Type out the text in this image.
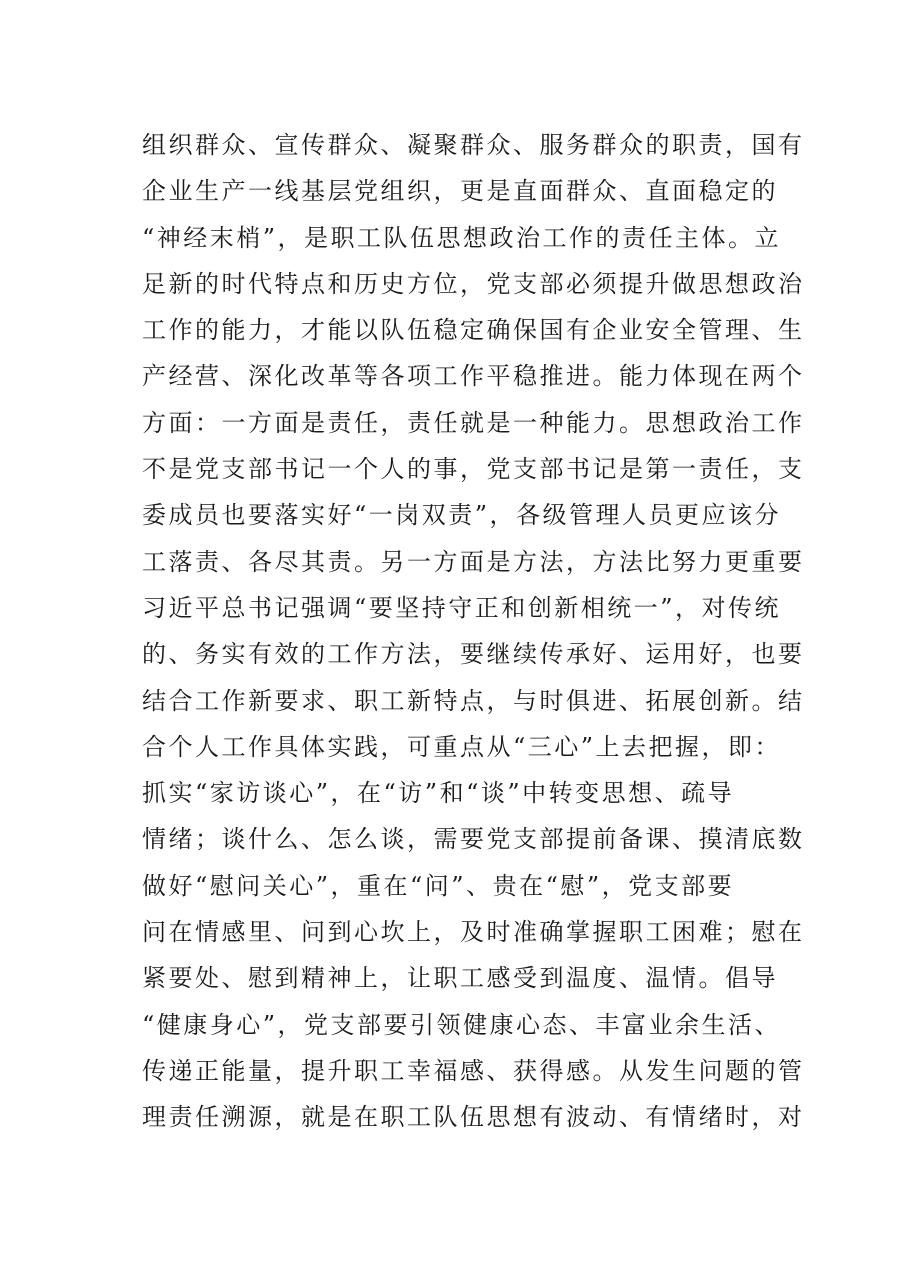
组织群众、宣传群众、凝聚群众、服务群众的职责，国有
企业生产一线基层党组织，更是直面群众、直面稳定的
“神经末梢”，是职工队伍思想政治工作的责任主体。立
足新的时代特点和历史方位，党支部必须提升做思想政治
工作的能力，才能以队伍稳定确保国有企业安全管理、生
产经营、深化改革等各项工作平稳推进。能力体现在两个
方面：一方面是责任，责任就是一种能力。思想政治工作
不是党支部书记一个人的事，党支部书记是第一责任，支
委成员也要落实好“一岗双责”，各级管理人员更应该分
工落责、各尽其责。另一方面是方法，方法比努力更重要
习近平总书记强调“要坚持守正和创新相统一”，对传统
的、务实有效的工作方法，要继续传承好、运用好，也要
结合工作新要求、职工新特点，与时俱进、拓展创新。结
合个人工作具体实践，可重点从“三心”上去把握，即：
抓实“家访谈心”，在“访”和“谈”中转变思想、疏导
情绪；谈什么、怎么谈，需要党支部提前备课、摸清底数
做好“慰问关心”，重在“问”、贵在“慰”，党支部要
问在情感里、问到心坎上，及时准确掌握职工困难；慰在
紧要处、慰到精神上，让职工感受到温度、温情。倡导
“健康身心”，党支部要引领健康心态、丰富业余生活、
传递正能量，提升职工幸福感、获得感。从发生问题的管
理责任溯源，就是在职工队伍思想有波动、有情绪时，对
